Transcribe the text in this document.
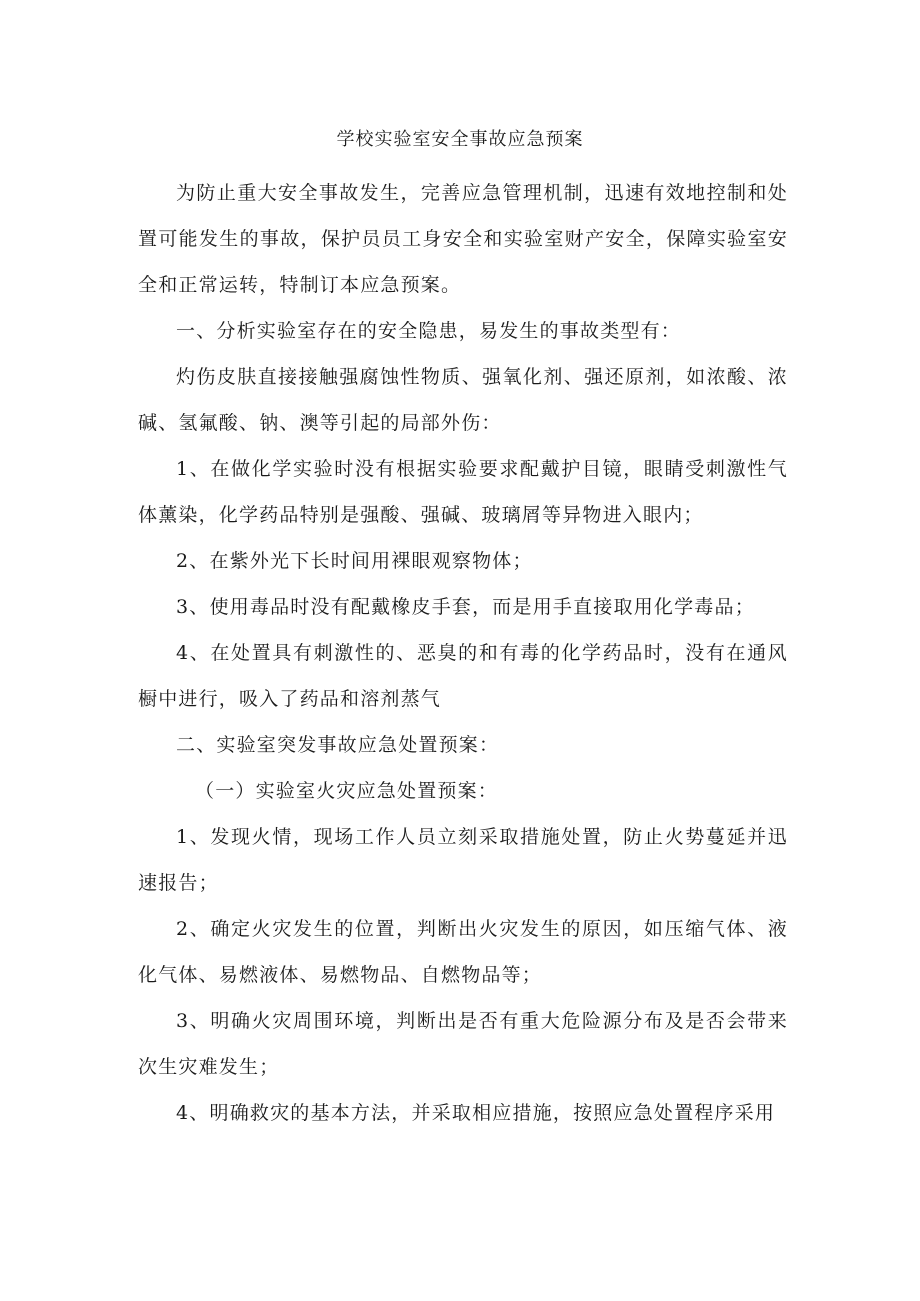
学校实验室安全事故应急预案

为防止重大安全事故发生，完善应急管理机制，迅速有效地控制和处置可能发生的事故，保护员员工身安全和实验室财产安全，保障实验室安全和正常运转，特制订本应急预案。

一、分析实验室存在的安全隐患，易发生的事故类型有：

灼伤皮肤直接接触强腐蚀性物质、强氧化剂、强还原剂，如浓酸、浓碱、氢氟酸、钠、澳等引起的局部外伤：

1、在做化学实验时没有根据实验要求配戴护目镜，眼睛受刺激性气体薰染，化学药品特别是强酸、强碱、玻璃屑等异物进入眼内；

2、在紫外光下长时间用裸眼观察物体；

3、使用毒品时没有配戴橡皮手套，而是用手直接取用化学毒品；

4、在处置具有刺激性的、恶臭的和有毒的化学药品时，没有在通风橱中进行，吸入了药品和溶剂蒸气

二、实验室突发事故应急处置预案：

（一）实验室火灾应急处置预案：

1、发现火情，现场工作人员立刻采取措施处置，防止火势蔓延并迅速报告；

2、确定火灾发生的位置，判断出火灾发生的原因，如压缩气体、液化气体、易燃液体、易燃物品、自燃物品等；

3、明确火灾周围环境，判断出是否有重大危险源分布及是否会带来次生灾难发生；

4、明确救灾的基本方法，并采取相应措施，按照应急处置程序采用
